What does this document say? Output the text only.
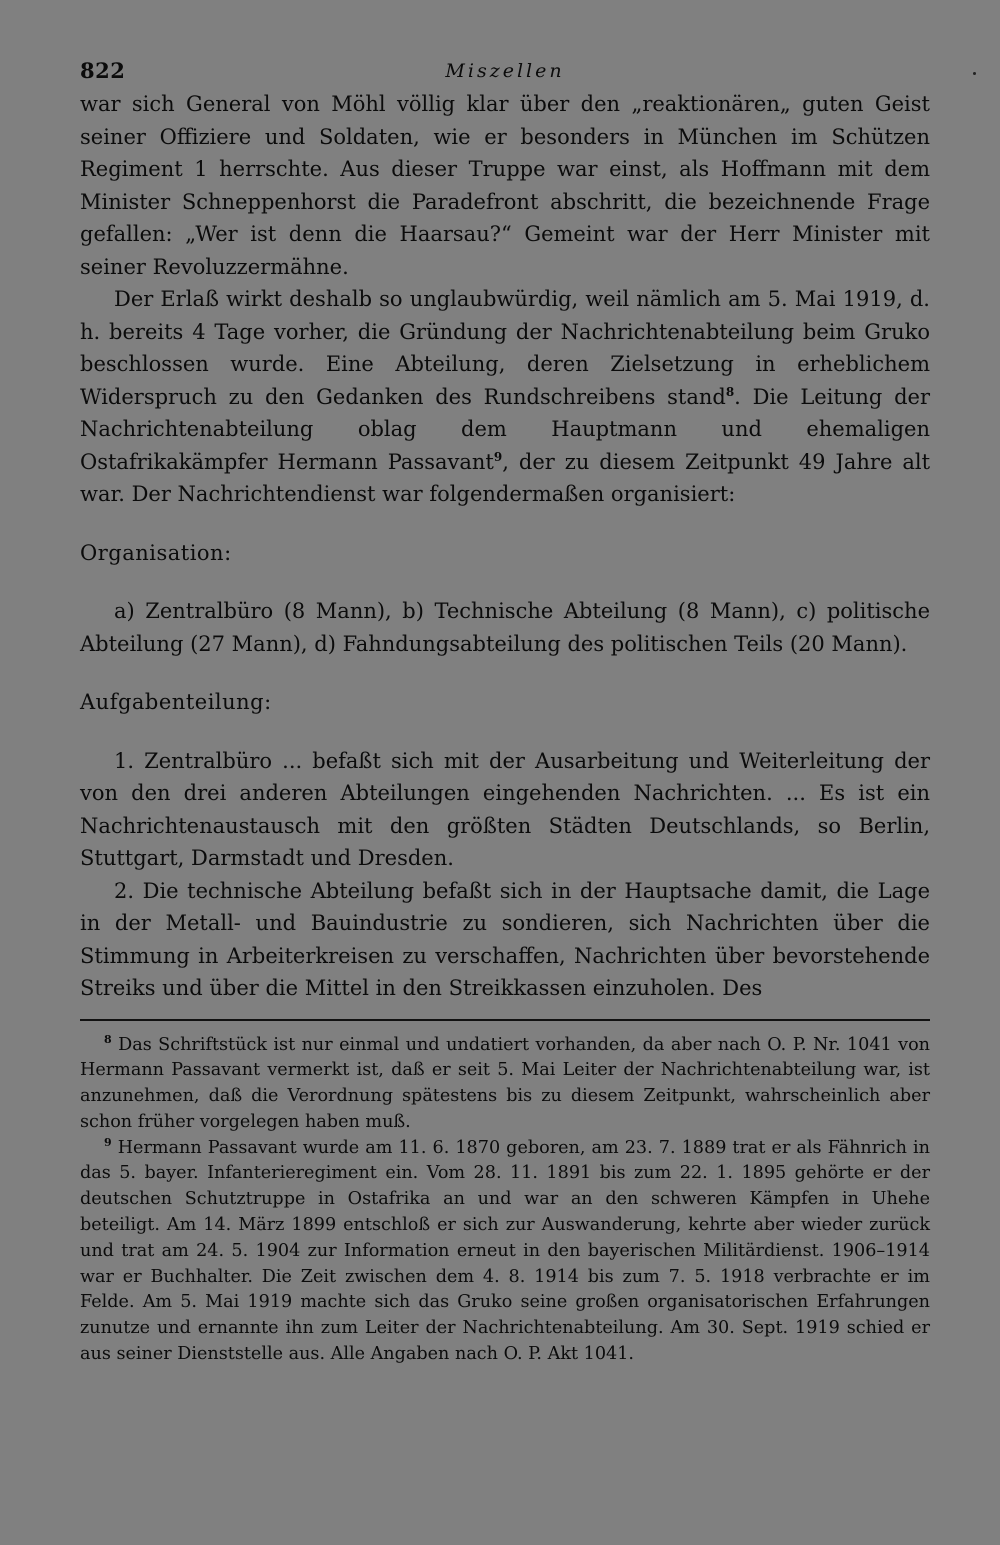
822	Miszellen

war sich General von Möhl völlig klar über den „reaktionären„ guten Geist seiner Offiziere und Soldaten, wie er besonders in München im Schützen Regiment 1 herrschte. Aus dieser Truppe war einst, als Hoffmann mit dem Minister Schneppenhorst die Paradefront abschritt, die bezeichnende Frage gefallen: „Wer ist denn die Haarsau?“ Gemeint war der Herr Minister mit seiner Revoluzzermähne.

Der Erlaß wirkt deshalb so unglaubwürdig, weil nämlich am 5. Mai 1919, d. h. bereits 4 Tage vorher, die Gründung der Nachrichtenabteilung beim Gruko beschlossen wurde. Eine Abteilung, deren Zielsetzung in erheblichem Widerspruch zu den Gedanken des Rundschreibens stand$^8$. Die Leitung der Nachrichtenabteilung oblag dem Hauptmann und ehemaligen Ostafrikakämpfer Hermann Passavant$^9$, der zu diesem Zeitpunkt 49 Jahre alt war. Der Nachrichtendienst war folgendermaßen organisiert:

Organisation:

a) Zentralbüro (8 Mann), b) Technische Abteilung (8 Mann), c) politische Abteilung (27 Mann), d) Fahndungsabteilung des politischen Teils (20 Mann).

Aufgabenteilung:

1. Zentralbüro ... befaßt sich mit der Ausarbeitung und Weiterleitung der von den drei anderen Abteilungen eingehenden Nachrichten. ... Es ist ein Nachrichtenaustausch mit den größten Städten Deutschlands, so Berlin, Stuttgart, Darmstadt und Dresden.

2. Die technische Abteilung befaßt sich in der Hauptsache damit, die Lage in der Metall- und Bauindustrie zu sondieren, sich Nachrichten über die Stimmung in Arbeiterkreisen zu verschaffen, Nachrichten über bevorstehende Streiks und über die Mittel in den Streikkassen einzuholen. Des

$^8$ Das Schriftstück ist nur einmal und undatiert vorhanden, da aber nach O. P. Nr. 1041 von Hermann Passavant vermerkt ist, daß er seit 5. Mai Leiter der Nachrichtenabteilung war, ist anzunehmen, daß die Verordnung spätestens bis zu diesem Zeitpunkt, wahrscheinlich aber schon früher vorgelegen haben muß.

$^9$ Hermann Passavant wurde am 11. 6. 1870 geboren, am 23. 7. 1889 trat er als Fähnrich in das 5. bayer. Infanterieregiment ein. Vom 28. 11. 1891 bis zum 22. 1. 1895 gehörte er der deutschen Schutztruppe in Ostafrika an und war an den schweren Kämpfen in Uhehe beteiligt. Am 14. März 1899 entschloß er sich zur Auswanderung, kehrte aber wieder zurück und trat am 24. 5. 1904 zur Information erneut in den bayerischen Militärdienst. 1906–1914 war er Buchhalter. Die Zeit zwischen dem 4. 8. 1914 bis zum 7. 5. 1918 verbrachte er im Felde. Am 5. Mai 1919 machte sich das Gruko seine großen organisatorischen Erfahrungen zunutze und ernannte ihn zum Leiter der Nachrichtenabteilung. Am 30. Sept. 1919 schied er aus seiner Dienststelle aus. Alle Angaben nach O. P. Akt 1041.
